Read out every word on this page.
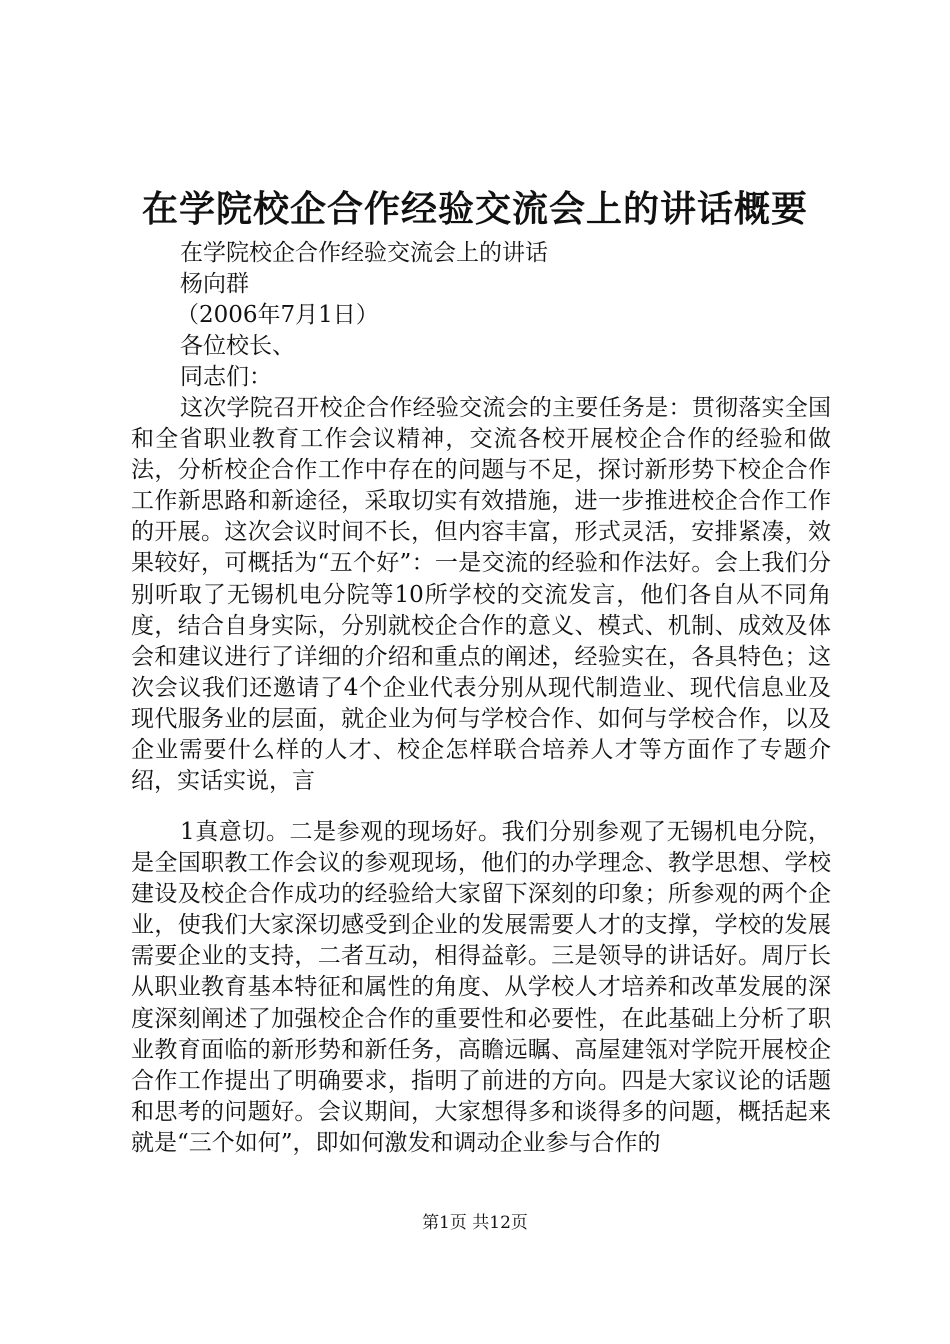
在学院校企合作经验交流会上的讲话概要
在学院校企合作经验交流会上的讲话
杨向群
（2006年7月1日）
各位校长、
同志们：

这次学院召开校企合作经验交流会的主要任务是：贯彻落实全国和全省职业教育工作会议精神，交流各校开展校企合作的经验和做法，分析校企合作工作中存在的问题与不足，探讨新形势下校企合作工作新思路和新途径，采取切实有效措施，进一步推进校企合作工作的开展。这次会议时间不长，但内容丰富，形式灵活，安排紧凑，效果较好，可概括为“五个好”：一是交流的经验和作法好。会上我们分别听取了无锡机电分院等10所学校的交流发言，他们各自从不同角度，结合自身实际，分别就校企合作的意义、模式、机制、成效及体会和建议进行了详细的介绍和重点的阐述，经验实在，各具特色；这次会议我们还邀请了4个企业代表分别从现代制造业、现代信息业及现代服务业的层面，就企业为何与学校合作、如何与学校合作，以及企业需要什么样的人才、校企怎样联合培养人才等方面作了专题介绍，实话实说，言

1真意切。二是参观的现场好。我们分别参观了无锡机电分院，是全国职教工作会议的参观现场，他们的办学理念、教学思想、学校建设及校企合作成功的经验给大家留下深刻的印象；所参观的两个企业，使我们大家深切感受到企业的发展需要人才的支撑，学校的发展需要企业的支持，二者互动，相得益彰。三是领导的讲话好。周厅长从职业教育基本特征和属性的角度、从学校人才培养和改革发展的深度深刻阐述了加强校企合作的重要性和必要性，在此基础上分析了职业教育面临的新形势和新任务，高瞻远瞩、高屋建瓴对学院开展校企合作工作提出了明确要求，指明了前进的方向。四是大家议论的话题和思考的问题好。会议期间，大家想得多和谈得多的问题，概括起来就是“三个如何”，即如何激发和调动企业参与合作的

第1页 共12页
